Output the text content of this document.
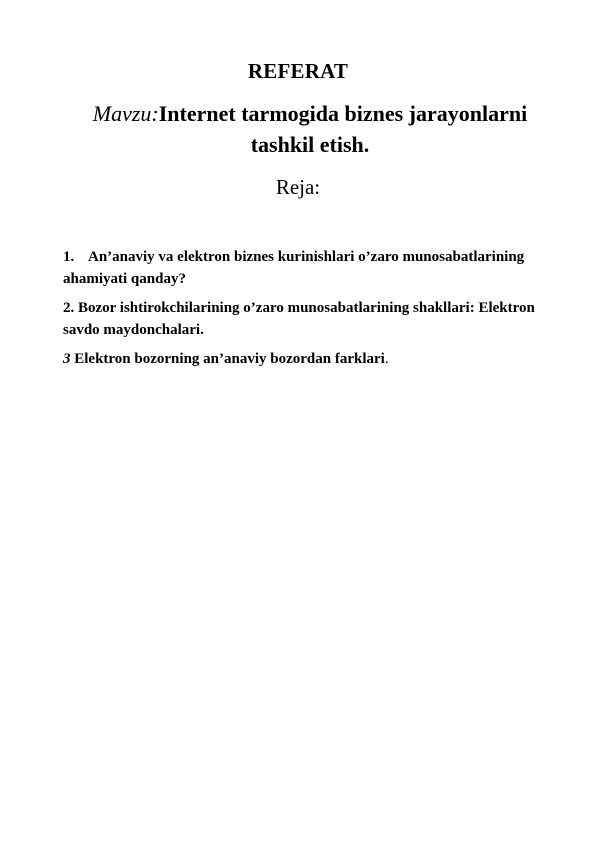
REFERAT
Mavzu:Internet tarmogida biznes jarayonlarni tashkil etish.
Reja:
1. An’anaviy va elektron biznes kurinishlari o’zaro munosabatlarining ahamiyati qanday?
2. Bozor ishtirokchilarining o’zaro munosabatlarining shakllari: Elektron savdo maydonchalari.
3 Elektron bozorning an’anaviy bozordan farklari.
